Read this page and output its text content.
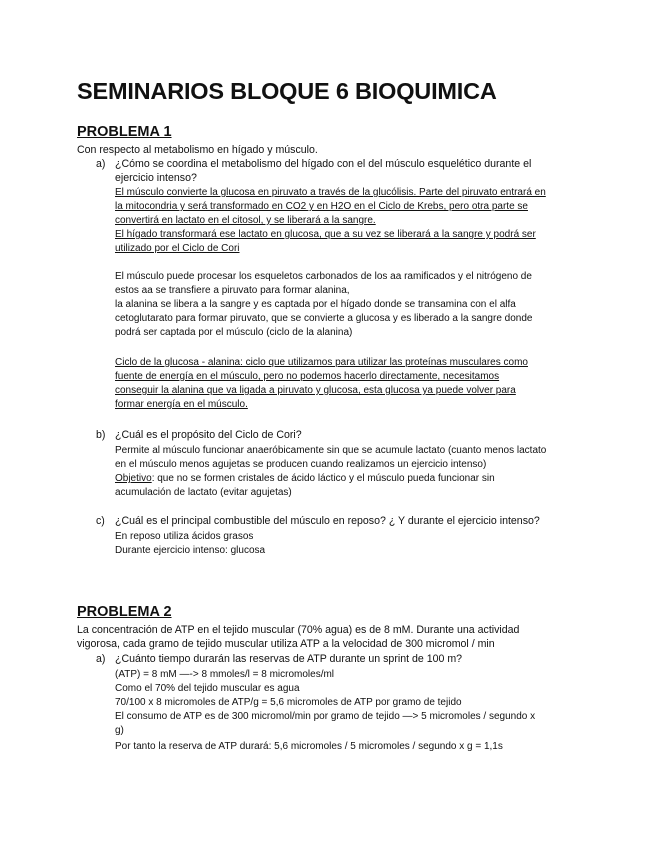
SEMINARIOS BLOQUE 6 BIOQUIMICA
PROBLEMA 1
Con respecto al metabolismo en hígado y músculo.
a) ¿Cómo se coordina el metabolismo del hígado con el del músculo esquelético durante el
ejercicio intenso?
El músculo convierte la glucosa en piruvato a través de la glucólisis. Parte del piruvato entrará en
la mitocondria y será transformado en CO2 y en H2O en el Ciclo de Krebs, pero otra parte se
convertirá en lactato en el citosol, y se liberará a la sangre.
El hígado transformará ese lactato en glucosa, que a su vez se liberará a la sangre y podrá ser
utilizado por el Ciclo de Cori
El músculo puede procesar los esqueletos carbonados de los aa ramificados y el nitrógeno de
estos aa se transfiere a piruvato para formar alanina,
la alanina se libera a la sangre y es captada por el hígado donde se transamina con el alfa
cetoglutarato para formar piruvato, que se convierte a glucosa y es liberado a la sangre donde
podrá ser captada por el músculo (ciclo de la alanina)
Ciclo de la glucosa - alanina: ciclo que utilizamos para utilizar las proteínas musculares como
fuente de energía en el músculo, pero no podemos hacerlo directamente, necesitamos
conseguir la alanina que va ligada a piruvato y glucosa, esta glucosa ya puede volver para
formar energía en el músculo.
b) ¿Cuál es el propósito del Ciclo de Cori?
Permite al músculo funcionar anaeróbicamente sin que se acumule lactato (cuanto menos lactato
en el músculo menos agujetas se producen cuando realizamos un ejercicio intenso)
Objetivo: que no se formen cristales de ácido láctico y el músculo pueda funcionar sin
acumulación de lactato (evitar agujetas)
c) ¿Cuál es el principal combustible del músculo en reposo? ¿ Y durante el ejercicio intenso?
En reposo utiliza ácidos grasos
Durante ejercicio intenso: glucosa
PROBLEMA 2
La concentración de ATP en el tejido muscular (70% agua) es de 8 mM. Durante una actividad
vigorosa, cada gramo de tejido muscular utiliza ATP a la velocidad de 300 micromol / min
a) ¿Cuánto tiempo durarán las reservas de ATP durante un sprint de 100 m?
(ATP) = 8 mM —-> 8 mmoles/l = 8 micromoles/ml
Como el 70% del tejido muscular es agua
70/100 x 8 micromoles de ATP/g = 5,6 micromoles de ATP por gramo de tejido
El consumo de ATP es de 300 micromol/min por gramo de tejido —> 5 micromoles / segundo x
g)
Por tanto la reserva de ATP durará: 5,6 micromoles / 5 micromoles / segundo x g = 1,1s
